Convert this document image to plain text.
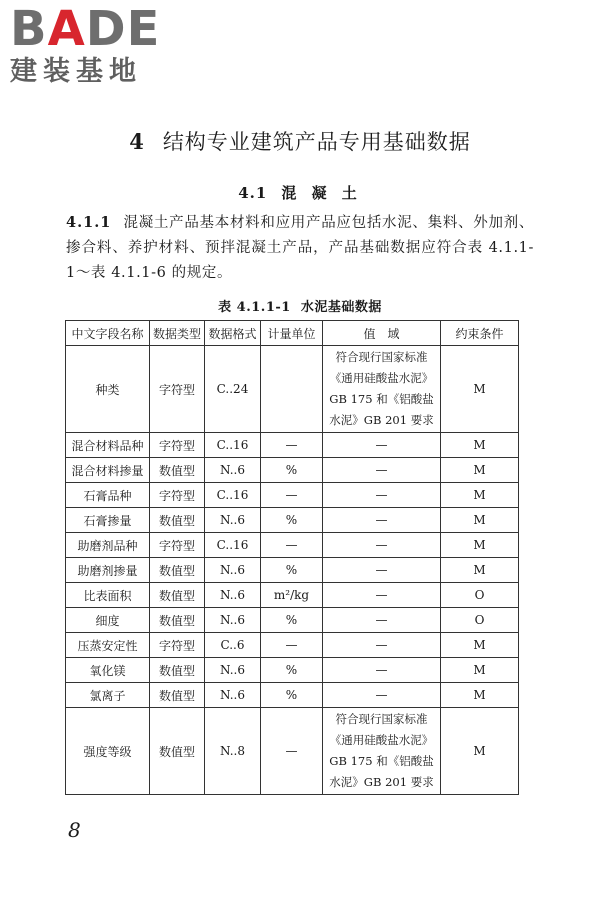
BADE
建装基地
4 结构专业建筑产品专用基础数据
4.1 混 凝 土
4.1.1 混凝土产品基本材料和应用产品应包括水泥、集料、外加剂、掺合料、养护材料、预拌混凝土产品，产品基础数据应符合表 4.1.1-1～表 4.1.1-6 的规定。
表 4.1.1-1 水泥基础数据
中文字段名称	数据类型	数据格式	计量单位	值　域	约束条件
种类	字符型	C..24		符合现行国家标准《通用硅酸盐水泥》GB 175 和《铝酸盐水泥》GB 201 要求	M
混合材料品种	字符型	C..16	—	—	M
混合材料掺量	数值型	N..6	%	—	M
石膏品种	字符型	C..16	—	—	M
石膏掺量	数值型	N..6	%	—	M
助磨剂品种	字符型	C..16	—	—	M
助磨剂掺量	数值型	N..6	%	—	M
比表面积	数值型	N..6	m²/kg	—	O
细度	数值型	N..6	%	—	O
压蒸安定性	字符型	C..6	—	—	M
氧化镁	数值型	N..6	%	—	M
氯离子	数值型	N..6	%	—	M
强度等级	数值型	N..8	—	符合现行国家标准《通用硅酸盐水泥》GB 175 和《铝酸盐水泥》GB 201 要求	M
8
